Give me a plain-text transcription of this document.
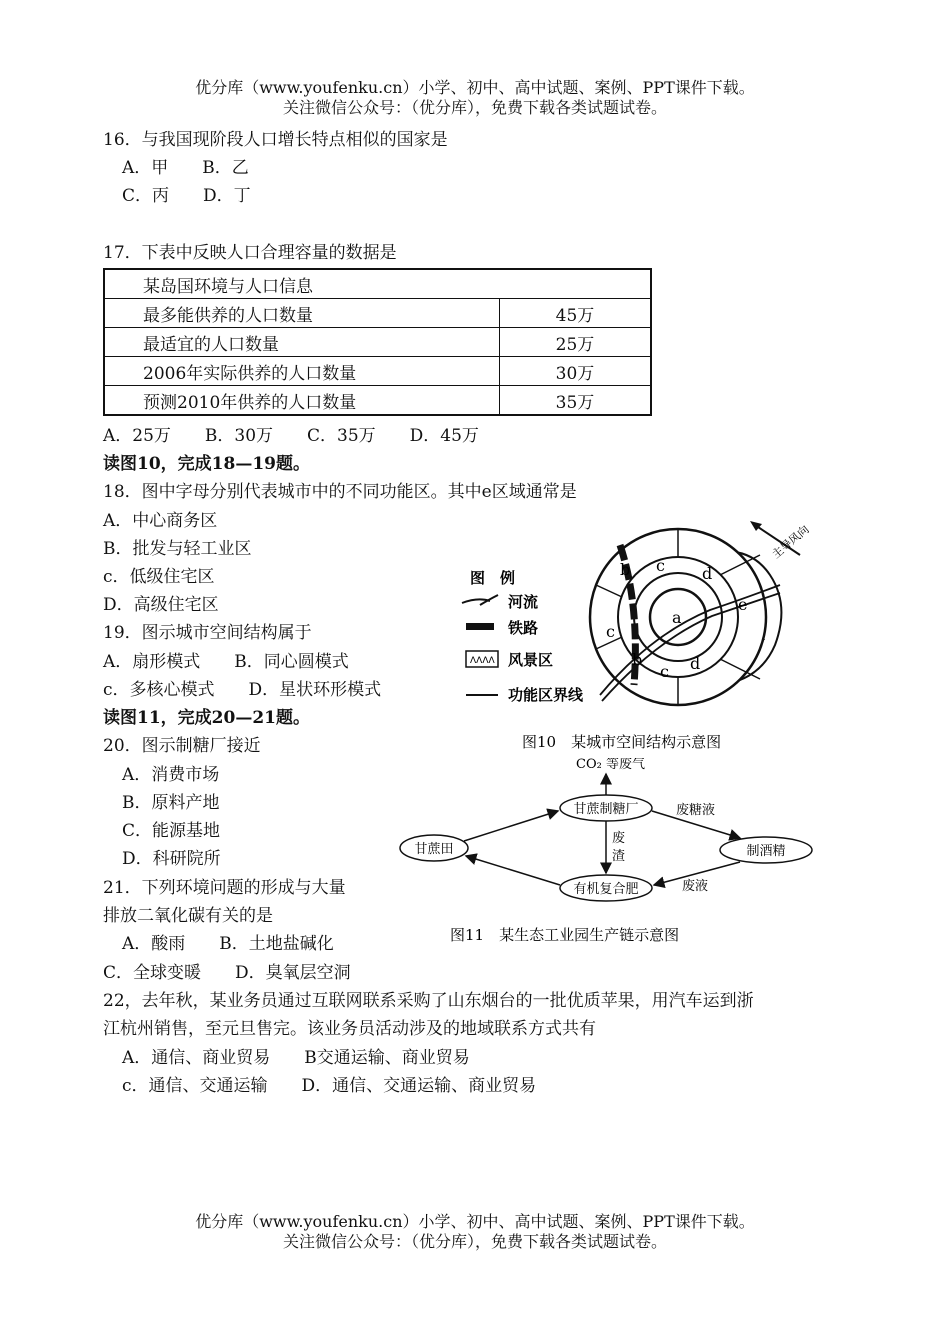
优分库（www.youfenku.cn）小学、初中、高中试题、案例、PPT课件下载。
关注微信公众号：（优分库），免费下载各类试题试卷。
16．与我国现阶段人口增长特点相似的国家是
A．甲　　B．乙
C．丙　　D．丁
17．下表中反映人口合理容量的数据是
某岛国环境与人口信息	
最多能供养的人口数量	45万
最适宜的人口数量	25万
2006年实际供养的人口数量	30万
预测2010年供养的人口数量	35万
A．25万　　B．30万　　C．35万　　D．45万
读图10，完成18—19题。
18．图中字母分别代表城市中的不同功能区。其中e区域通常是
A．中心商务区
B．批发与轻工业区
c．低级住宅区
D．高级住宅区
19．图示城市空间结构属于
A．扇形模式　　B．同心圆模式
c．多核心模式　　D．星状环形模式
读图11，完成20—21题。
20．图示制糖厂接近
A．消费市场
B．原料产地
C．能源基地
D．科研院所
21．下列环境问题的形成与大量
排放二氧化碳有关的是
A．酸雨　　B．土地盐碱化
C．全球变暖　　D．臭氧层空洞
22，去年秋，某业务员通过互联网联系采购了山东烟台的一批优质苹果，用汽车运到浙
江杭州销售，至元旦售完。该业务员活动涉及的地域联系方式共有
A．通信、商业贸易　　B交通运输、商业贸易
c．通信、交通运输　　D．通信、交通运输、商业贸易
图　例
河流
铁路
ⴷⴷⴷⴷ 风景区
功能区界线
主导风向
a
b
b
c
c
c
d
d
e
图10　某城市空间结构示意图
CO₂ 等废气
甘蔗制糖厂
甘蔗田	制酒精
有机复合肥
废糖液
废
渣
废液
图11　某生态工业园生产链示意图
优分库（www.youfenku.cn）小学、初中、高中试题、案例、PPT课件下载。
关注微信公众号：（优分库），免费下载各类试题试卷。
